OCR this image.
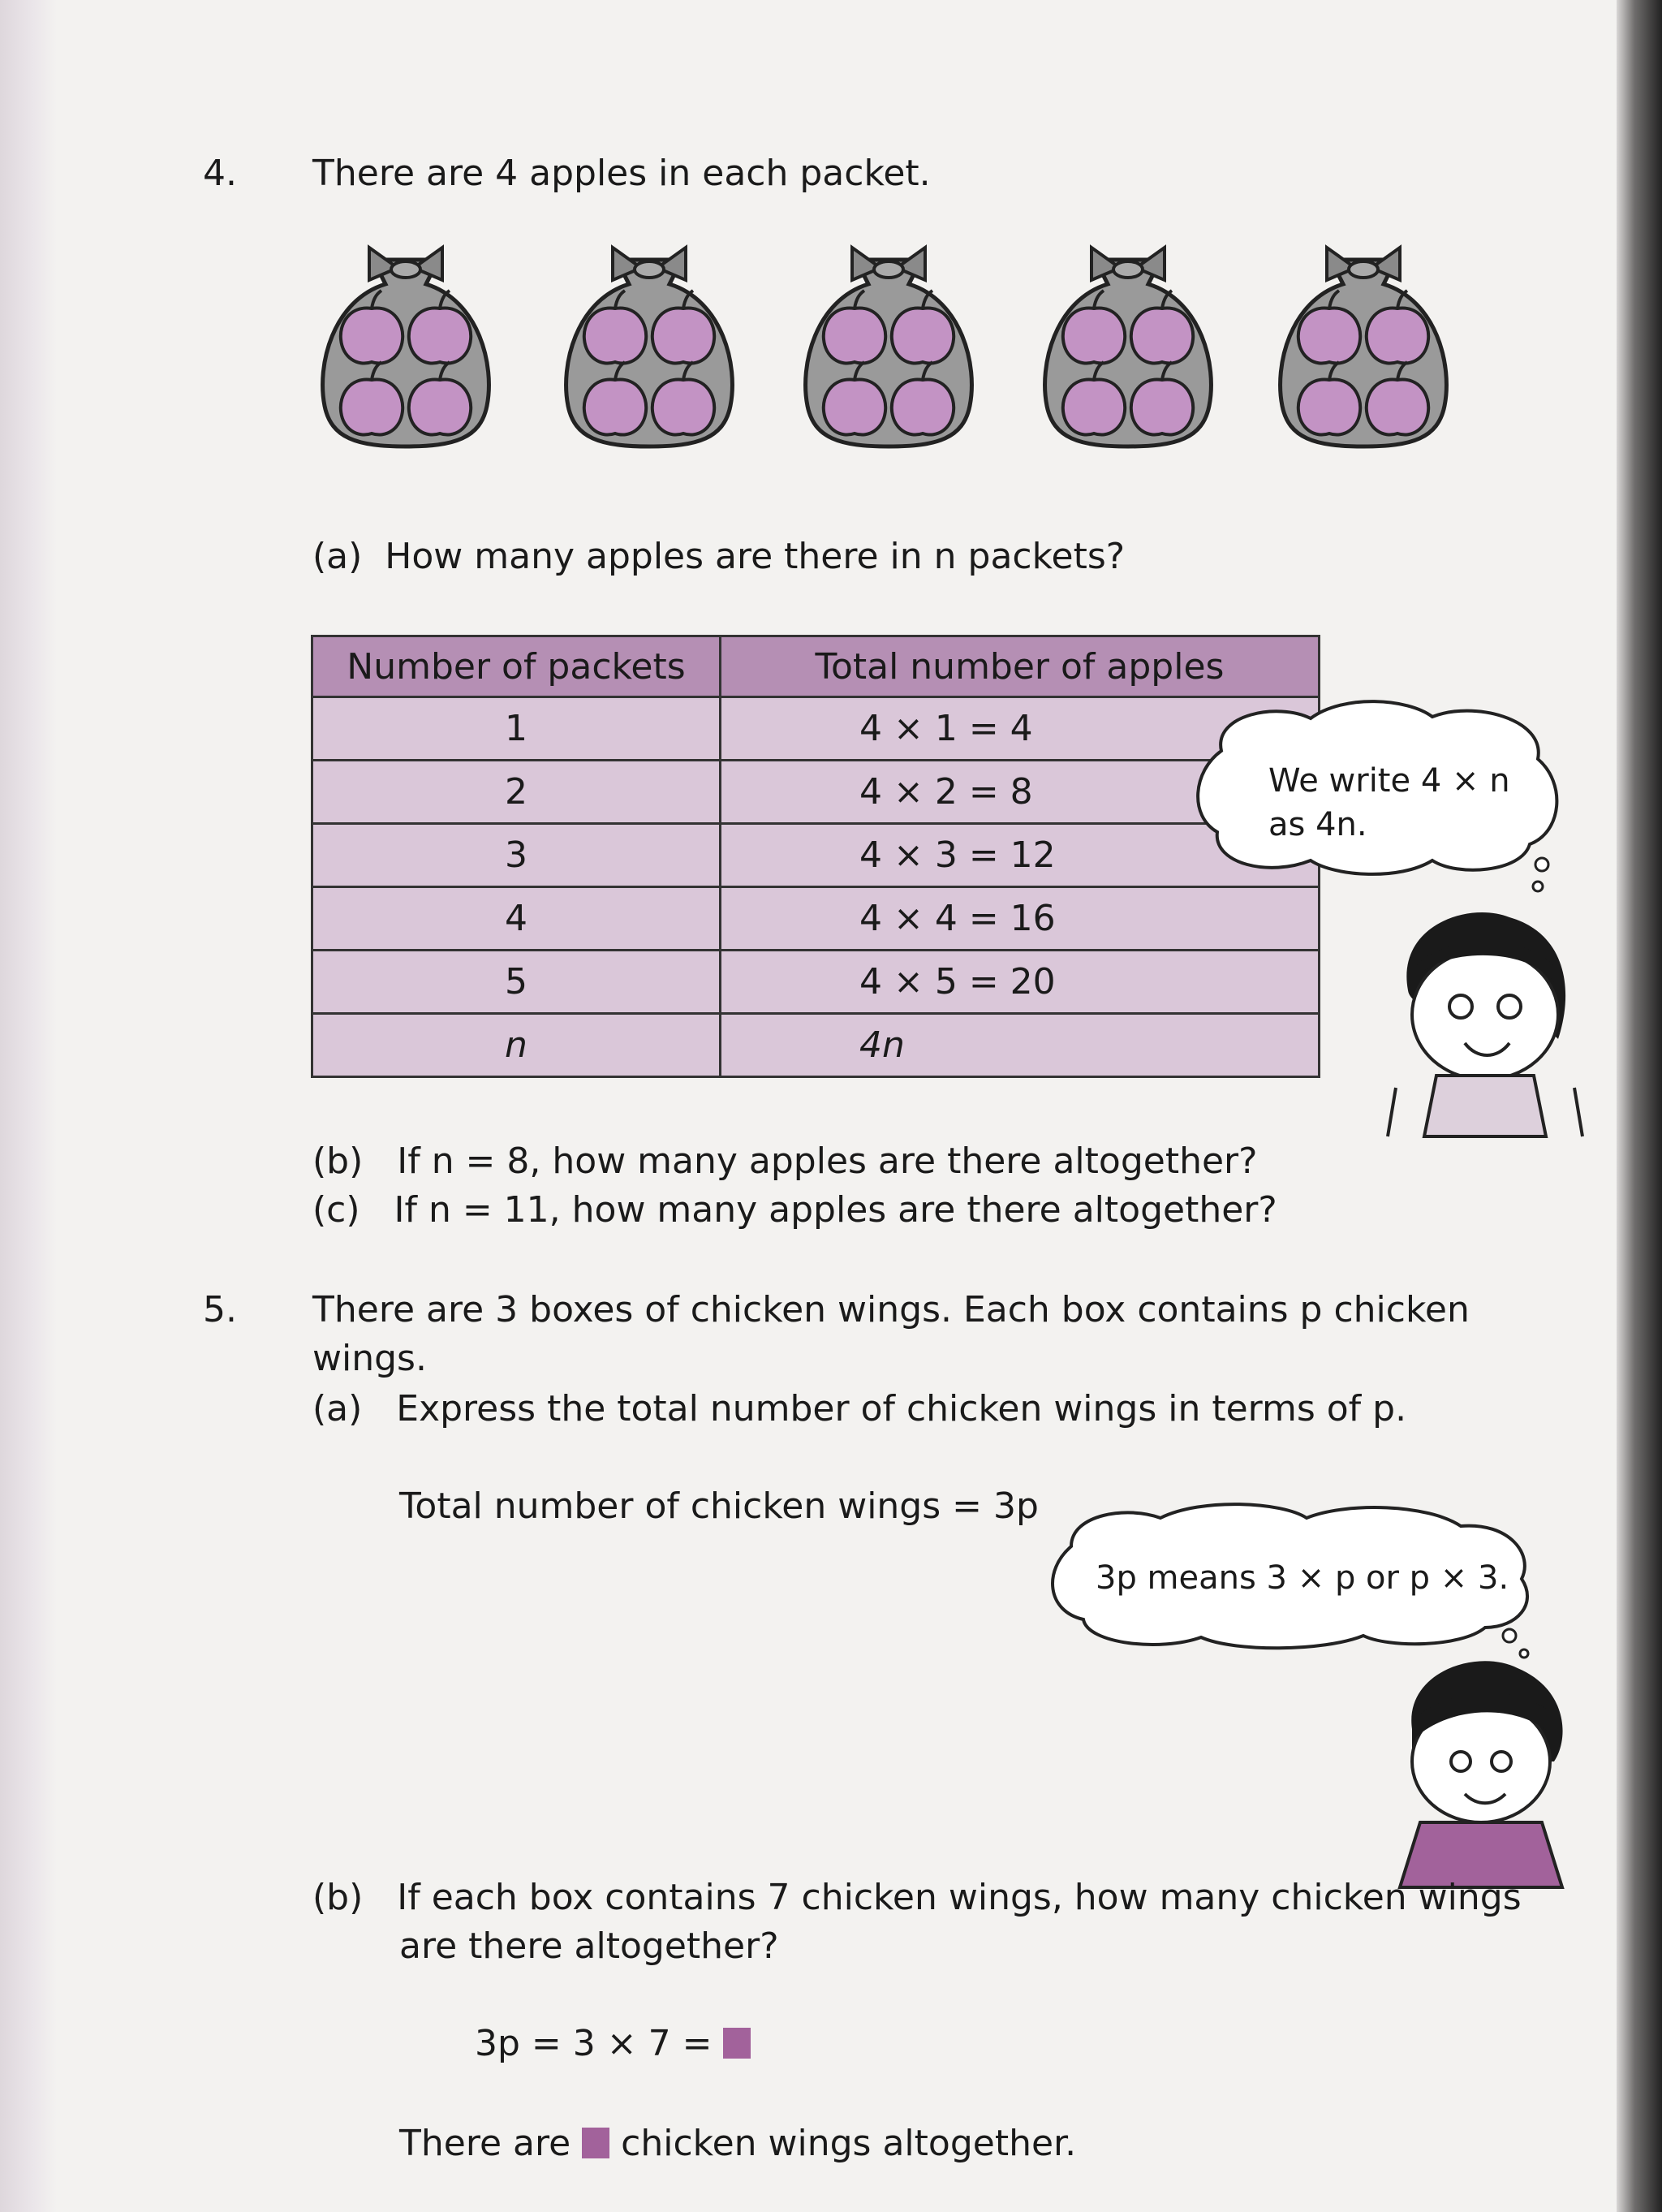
4. There are 4 apples in each packet.
(a) How many apples are there in n packets?
Number of packets	Total number of apples
1	4 × 1 = 4
2	4 × 2 = 8
3	4 × 3 = 12
4	4 × 4 = 16
5	4 × 5 = 20
n	4n
We write 4 × n
as 4n.
(b) If n = 8, how many apples are there altogether?
(c) If n = 11, how many apples are there altogether?
5. There are 3 boxes of chicken wings. Each box contains p chicken
wings.
(a) Express the total number of chicken wings in terms of p.
Total number of chicken wings = 3p
3p means 3 × p or p × 3.
(b) If each box contains 7 chicken wings, how many chicken wings
are there altogether?
3p = 3 × 7 =
There are chicken wings altogether.
